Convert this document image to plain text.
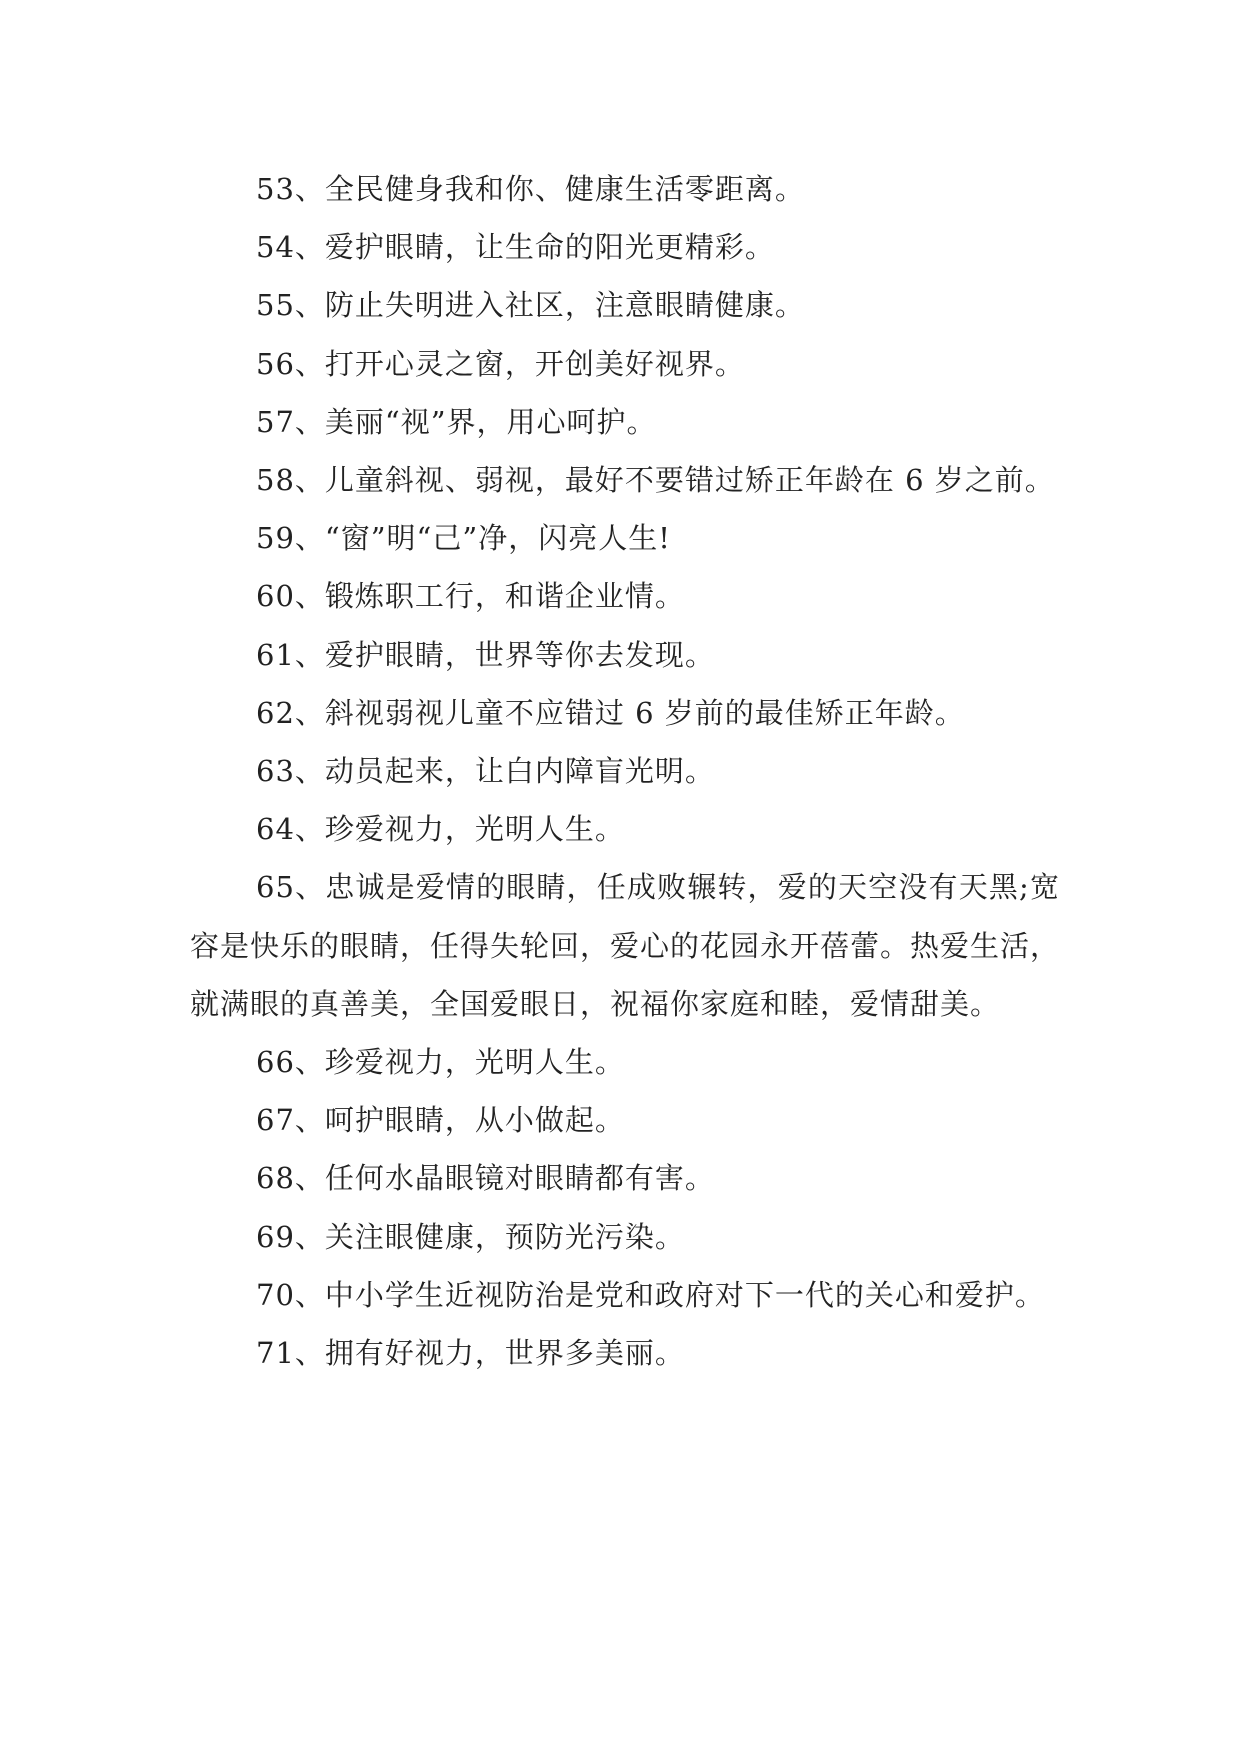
53、全民健身我和你、健康生活零距离。

54、爱护眼睛，让生命的阳光更精彩。

55、防止失明进入社区，注意眼睛健康。

56、打开心灵之窗，开创美好视界。

57、美丽“视”界，用心呵护。

58、儿童斜视、弱视，最好不要错过矫正年龄在 6 岁之前。

59、“窗”明“己”净，闪亮人生!

60、锻炼职工行，和谐企业情。

61、爱护眼睛，世界等你去发现。

62、斜视弱视儿童不应错过 6 岁前的最佳矫正年龄。

63、动员起来，让白内障盲光明。

64、珍爱视力，光明人生。

65、忠诚是爱情的眼睛，任成败辗转，爱的天空没有天黑;宽容是快乐的眼睛，任得失轮回，爱心的花园永开蓓蕾。热爱生活，就满眼的真善美，全国爱眼日，祝福你家庭和睦，爱情甜美。

66、珍爱视力，光明人生。

67、呵护眼睛，从小做起。

68、任何水晶眼镜对眼睛都有害。

69、关注眼健康，预防光污染。

70、中小学生近视防治是党和政府对下一代的关心和爱护。

71、拥有好视力，世界多美丽。
